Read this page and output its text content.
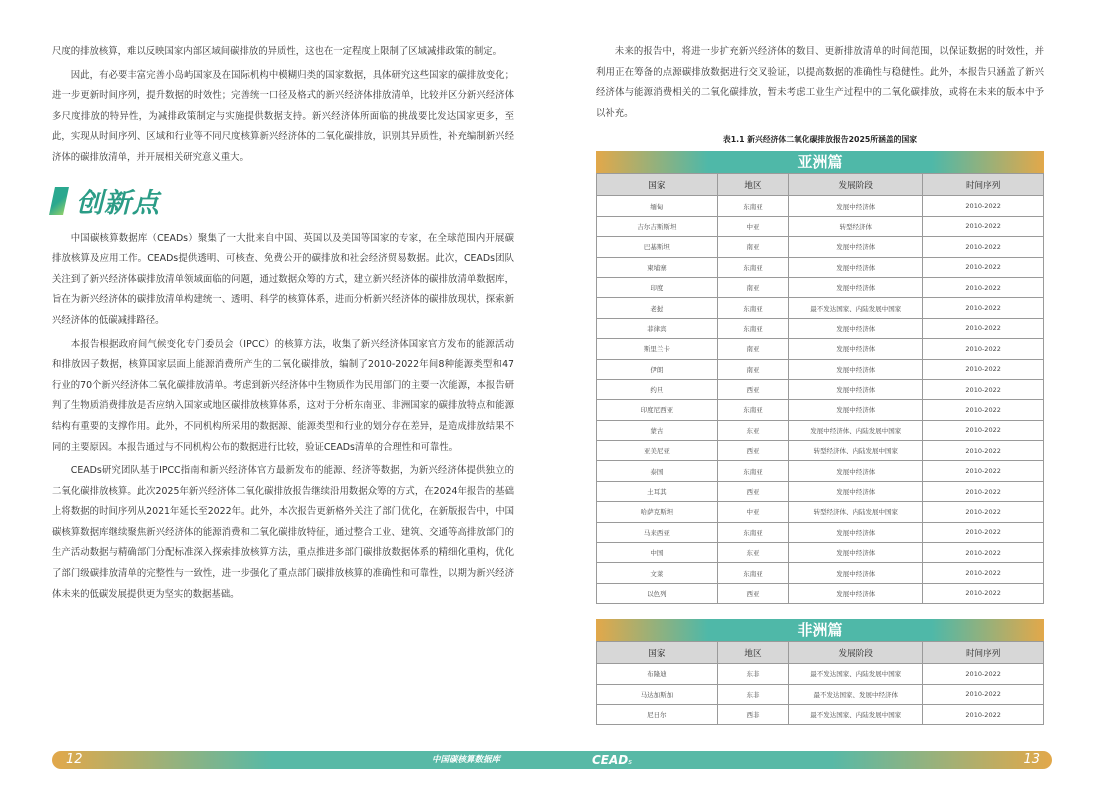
尺度的排放核算，难以反映国家内部区域间碳排放的异质性，这也在一定程度上限制了区域减排政策的制定。

因此，有必要丰富完善小岛屿国家及在国际机构中模糊归类的国家数据，具体研究这些国家的碳排放变化；进一步更新时间序列，提升数据的时效性；完善统一口径及格式的新兴经济体排放清单，比较并区分新兴经济体多尺度排放的特异性，为减排政策制定与实施提供数据支持。新兴经济体所面临的挑战要比发达国家更多，至此，实现从时间序列、区域和行业等不同尺度核算新兴经济体的二氧化碳排放，识别其异质性，补充编制新兴经济体的碳排放清单，并开展相关研究意义重大。

创新点

中国碳核算数据库（CEADs）聚集了一大批来自中国、英国以及美国等国家的专家，在全球范围内开展碳排放核算及应用工作。CEADs提供透明、可核查、免费公开的碳排放和社会经济贸易数据。此次，CEADs团队关注到了新兴经济体碳排放清单领域面临的问题，通过数据众筹的方式，建立新兴经济体的碳排放清单数据库，旨在为新兴经济体的碳排放清单构建统一、透明、科学的核算体系，进而分析新兴经济体的碳排放现状，探索新兴经济体的低碳减排路径。

本报告根据政府间气候变化专门委员会（IPCC）的核算方法，收集了新兴经济体国家官方发布的能源活动和排放因子数据，核算国家层面上能源消费所产生的二氧化碳排放，编制了2010-2022年间8种能源类型和47行业的70个新兴经济体二氧化碳排放清单。考虑到新兴经济体中生物质作为民用部门的主要一次能源，本报告研判了生物质消费排放是否应纳入国家或地区碳排放核算体系，这对于分析东南亚、非洲国家的碳排放特点和能源结构有重要的支撑作用。此外，不同机构所采用的数据源、能源类型和行业的划分存在差异，是造成排放结果不同的主要原因。本报告通过与不同机构公布的数据进行比较，验证CEADs清单的合理性和可靠性。

CEADs研究团队基于IPCC指南和新兴经济体官方最新发布的能源、经济等数据，为新兴经济体提供独立的二氧化碳排放核算。此次2025年新兴经济体二氧化碳排放报告继续沿用数据众筹的方式，在2024年报告的基础上将数据的时间序列从2021年延长至2022年。此外，本次报告更新格外关注了部门优化，在新版报告中，中国碳核算数据库继续聚焦新兴经济体的能源消费和二氧化碳排放特征，通过整合工业、建筑、交通等高排放部门的生产活动数据与精确部门分配标准深入探索排放核算方法，重点推进多部门碳排放数据体系的精细化重构，优化了部门级碳排放清单的完整性与一致性，进一步强化了重点部门碳排放核算的准确性和可靠性，以期为新兴经济体未来的低碳发展提供更为坚实的数据基础。

未来的报告中，将进一步扩充新兴经济体的数目、更新排放清单的时间范围，以保证数据的时效性，并利用正在筹备的点源碳排放数据进行交叉验证，以提高数据的准确性与稳健性。此外，本报告只涵盖了新兴经济体与能源消费相关的二氧化碳排放，暂未考虑工业生产过程中的二氧化碳排放，或将在未来的版本中予以补充。

表1.1 新兴经济体二氧化碳排放报告2025所涵盖的国家
亚洲篇
国家	地区	发展阶段	时间序列
缅甸	东南亚	发展中经济体	2010-2022
吉尔吉斯斯坦	中亚	转型经济体	2010-2022
巴基斯坦	南亚	发展中经济体	2010-2022
柬埔寨	东南亚	发展中经济体	2010-2022
印度	南亚	发展中经济体	2010-2022
老挝	东南亚	最不发达国家、内陆发展中国家	2010-2022
菲律宾	东南亚	发展中经济体	2010-2022
斯里兰卡	南亚	发展中经济体	2010-2022
伊朗	南亚	发展中经济体	2010-2022
约旦	西亚	发展中经济体	2010-2022
印度尼西亚	东南亚	发展中经济体	2010-2022
蒙古	东亚	发展中经济体、内陆发展中国家	2010-2022
亚美尼亚	西亚	转型经济体、内陆发展中国家	2010-2022
泰国	东南亚	发展中经济体	2010-2022
土耳其	西亚	发展中经济体	2010-2022
哈萨克斯坦	中亚	转型经济体、内陆发展中国家	2010-2022
马来西亚	东南亚	发展中经济体	2010-2022
中国	东亚	发展中经济体	2010-2022
文莱	东南亚	发展中经济体	2010-2022
以色列	西亚	发展中经济体	2010-2022
非洲篇
国家	地区	发展阶段	时间序列
布隆迪	东非	最不发达国家、内陆发展中国家	2010-2022
马达加斯加	东非	最不发达国家、发展中经济体	2010-2022
尼日尔	西非	最不发达国家、内陆发展中国家	2010-2022
12	中国碳核算数据库	CEADs	13
